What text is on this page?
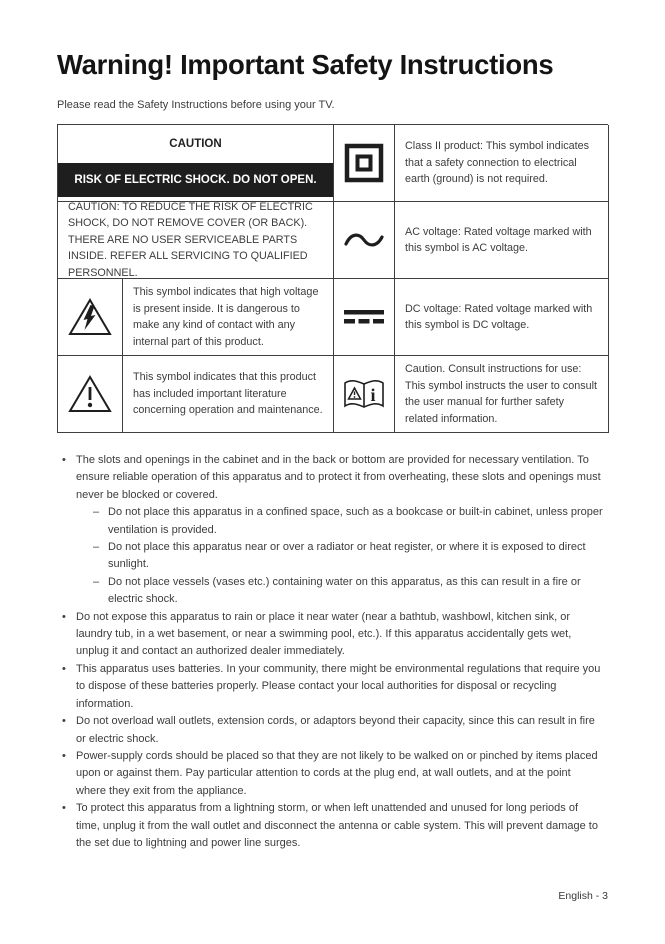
Warning! Important Safety Instructions
Please read the Safety Instructions before using your TV.
CAUTION
RISK OF ELECTRIC SHOCK. DO NOT OPEN.
Class II product: This symbol indicates that a safety connection to electrical earth (ground) is not required.
CAUTION: TO REDUCE THE RISK OF ELECTRIC SHOCK, DO NOT REMOVE COVER (OR BACK). THERE ARE NO USER SERVICEABLE PARTS INSIDE. REFER ALL SERVICING TO QUALIFIED PERSONNEL.
AC voltage: Rated voltage marked with this symbol is AC voltage.
This symbol indicates that high voltage is present inside. It is dangerous to make any kind of contact with any internal part of this product.
DC voltage: Rated voltage marked with this symbol is DC voltage.
This symbol indicates that this product has included important literature concerning operation and maintenance.
i
Caution. Consult instructions for use: This symbol instructs the user to consult the user manual for further safety related information.
• The slots and openings in the cabinet and in the back or bottom are provided for necessary ventilation. To ensure reliable operation of this apparatus and to protect it from overheating, these slots and openings must never be blocked or covered.
– Do not place this apparatus in a confined space, such as a bookcase or built-in cabinet, unless proper ventilation is provided.
– Do not place this apparatus near or over a radiator or heat register, or where it is exposed to direct sunlight.
– Do not place vessels (vases etc.) containing water on this apparatus, as this can result in a fire or electric shock.
• Do not expose this apparatus to rain or place it near water (near a bathtub, washbowl, kitchen sink, or laundry tub, in a wet basement, or near a swimming pool, etc.). If this apparatus accidentally gets wet, unplug it and contact an authorized dealer immediately.
• This apparatus uses batteries. In your community, there might be environmental regulations that require you to dispose of these batteries properly. Please contact your local authorities for disposal or recycling information.
• Do not overload wall outlets, extension cords, or adaptors beyond their capacity, since this can result in fire or electric shock.
• Power-supply cords should be placed so that they are not likely to be walked on or pinched by items placed upon or against them. Pay particular attention to cords at the plug end, at wall outlets, and at the point where they exit from the appliance.
• To protect this apparatus from a lightning storm, or when left unattended and unused for long periods of time, unplug it from the wall outlet and disconnect the antenna or cable system. This will prevent damage to the set due to lightning and power line surges.
English - 3
